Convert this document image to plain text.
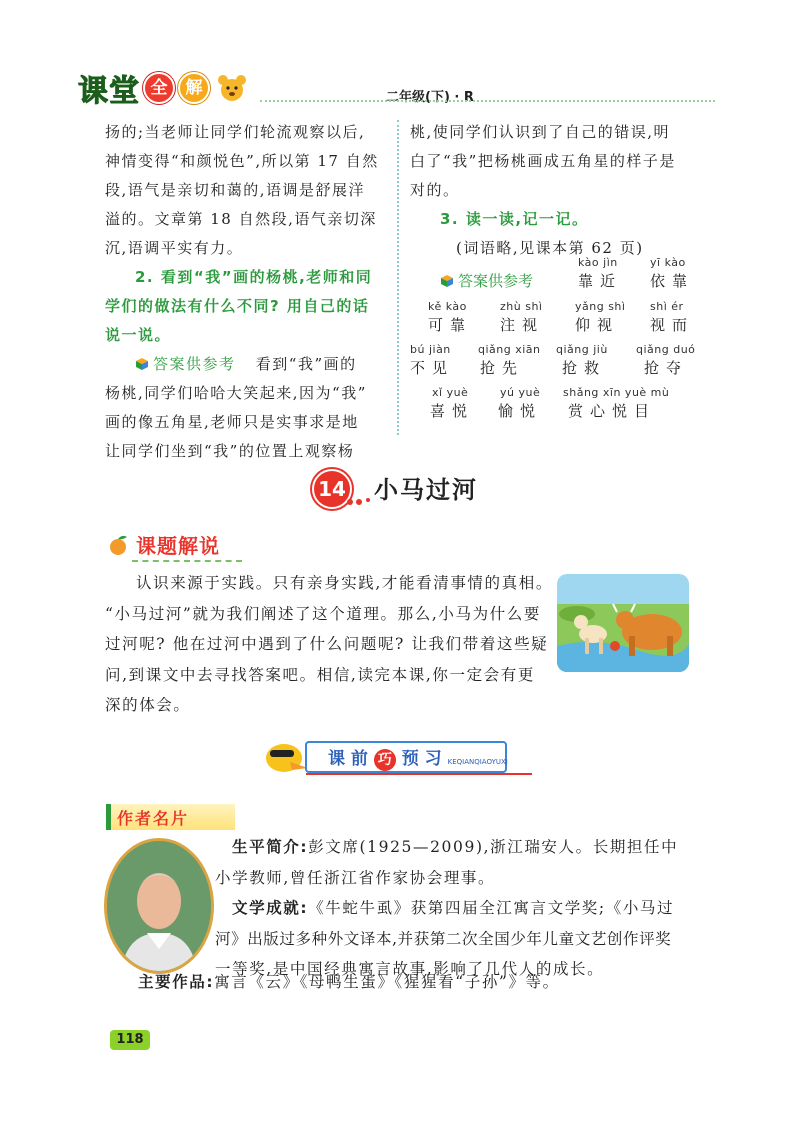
课 堂 全	解	二年级(下) · R
扬的;当老师让同学们轮流观察以后,
神情变得“和颜悦色”,所以第 17 自然
段,语气是亲切和蔼的,语调是舒展洋
溢的。文章第 18 自然段,语气亲切深
沉,语调平实有力。
2. 看到“我”画的杨桃,老师和同
学们的做法有什么不同? 用自己的话
说一说。
答案供参考 看到“我”画的
杨桃,同学们哈哈大笑起来,因为“我”
画的像五角星,老师只是实事求是地
让同学们坐到“我”的位置上观察杨
桃,使同学们认识到了自己的错误,明
白了“我”把杨桃画成五角星的样子是
对的。
3. 读一读,记一记。
(词语略,见课本第 62 页)
答案供参考
kào jìn
靠近
yī kào
依靠
kě kào
可靠
zhù shì
注视
yǎng shì
仰视
shì ér
视而
bú jiàn
不见
qiǎng xiān
抢先
qiǎng jiù
抢救
qiǎng duó
抢夺
xǐ yuè
喜悦
yú yuè
愉悦
shǎng xīn yuè mù
赏心悦目
14 小马过河
课题解说
认识来源于实践。只有亲身实践,才能看清事情的真相。
“小马过河”就为我们阐述了这个道理。那么,小马为什么要
过河呢? 他在过河中遇到了什么问题呢? 让我们带着这些疑
问,到课文中去寻找答案吧。相信,读完本课,你一定会有更
深的体会。
课 前 巧 预 习 KEQIANQIAOYUXI
作者名片
生平简介:彭文席(1925—2009),浙江瑞安人。长期担任中
小学教师,曾任浙江省作家协会理事。
文学成就:《牛蛇牛虱》获第四届全江寓言文学奖;《小马过
河》出版过多种外文译本,并获第二次全国少年儿童文艺创作评奖
一等奖,是中国经典寓言故事,影响了几代人的成长。
主要作品:寓言《云》《母鸭生蛋》《猩猩看“子孙”》等。
118
